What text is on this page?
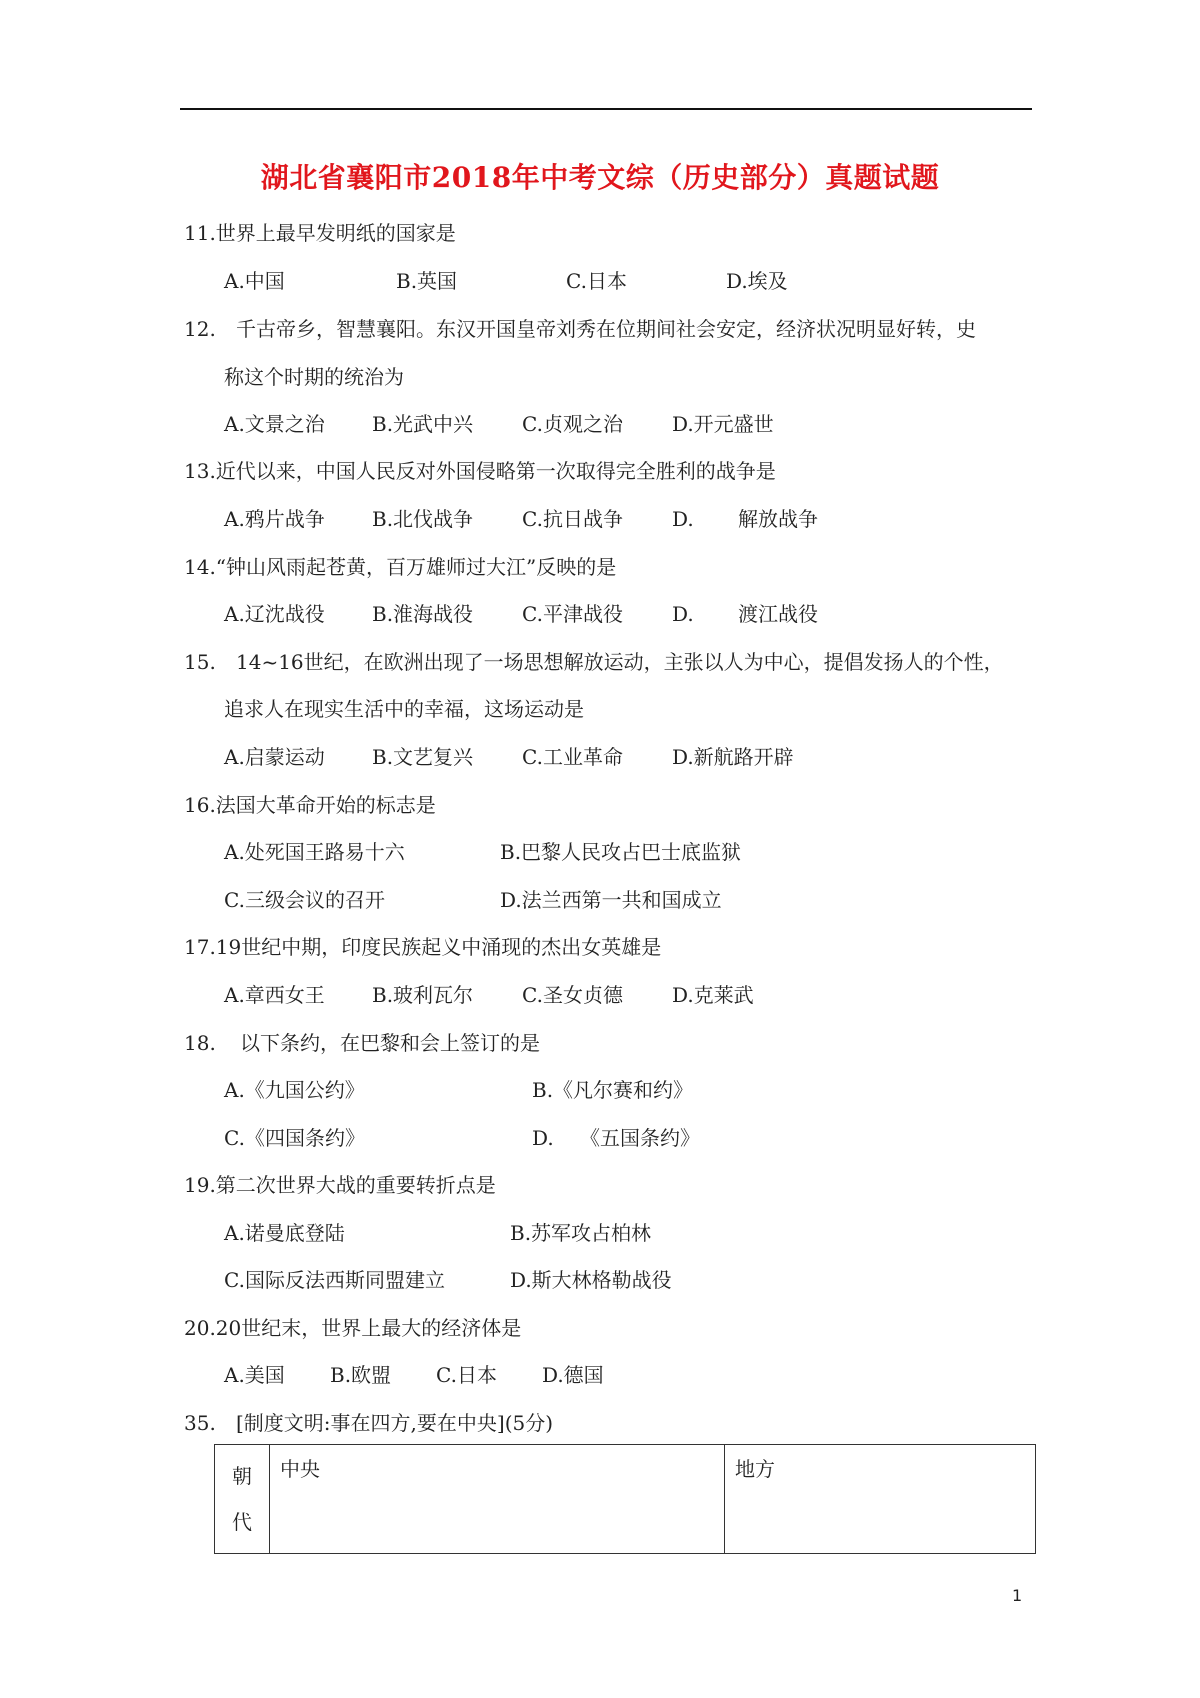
湖北省襄阳市2018年中考文综（历史部分）真题试题
11.世界上最早发明纸的国家是
A.中国	B.英国	C.日本	D.埃及
12. 千古帝乡，智慧襄阳。东汉开国皇帝刘秀在位期间社会安定，经济状况明显好转，史
称这个时期的统治为
A.文景之治 B.光武中兴 C.贞观之治 D.开元盛世
13.近代以来，中国人民反对外国侵略第一次取得完全胜利的战争是
A.鸦片战争 B.北伐战争 C.抗日战争 D. 解放战争
14.“钟山风雨起苍黄，百万雄师过大江”反映的是
A.辽沈战役 B.淮海战役 C.平津战役 D. 渡江战役
15. 14~16世纪，在欧洲出现了一场思想解放运动，主张以人为中心，提倡发扬人的个性，
追求人在现实生活中的幸福，这场运动是
A.启蒙运动 B.文艺复兴 C.工业革命 D.新航路开辟
16.法国大革命开始的标志是
A.处死国王路易十六	B.巴黎人民攻占巴士底监狱
C.三级会议的召开	D.法兰西第一共和国成立
17.19世纪中期，印度民族起义中涌现的杰出女英雄是
A.章西女王 B.玻利瓦尔 C.圣女贞德 D.克莱武
18. 以下条约，在巴黎和会上签订的是
A.《九国公约》	B.《凡尔赛和约》
C.《四国条约》	D. 《五国条约》
19.第二次世界大战的重要转折点是
A.诺曼底登陆	B.苏军攻占柏林
C.国际反法西斯同盟建立	D.斯大林格勒战役
20.20世纪末，世界上最大的经济体是
A.美国 B.欧盟 C.日本 D.德国
35. [制度文明:事在四方,要在中央](5分)
朝
代
	中央	地方
1
